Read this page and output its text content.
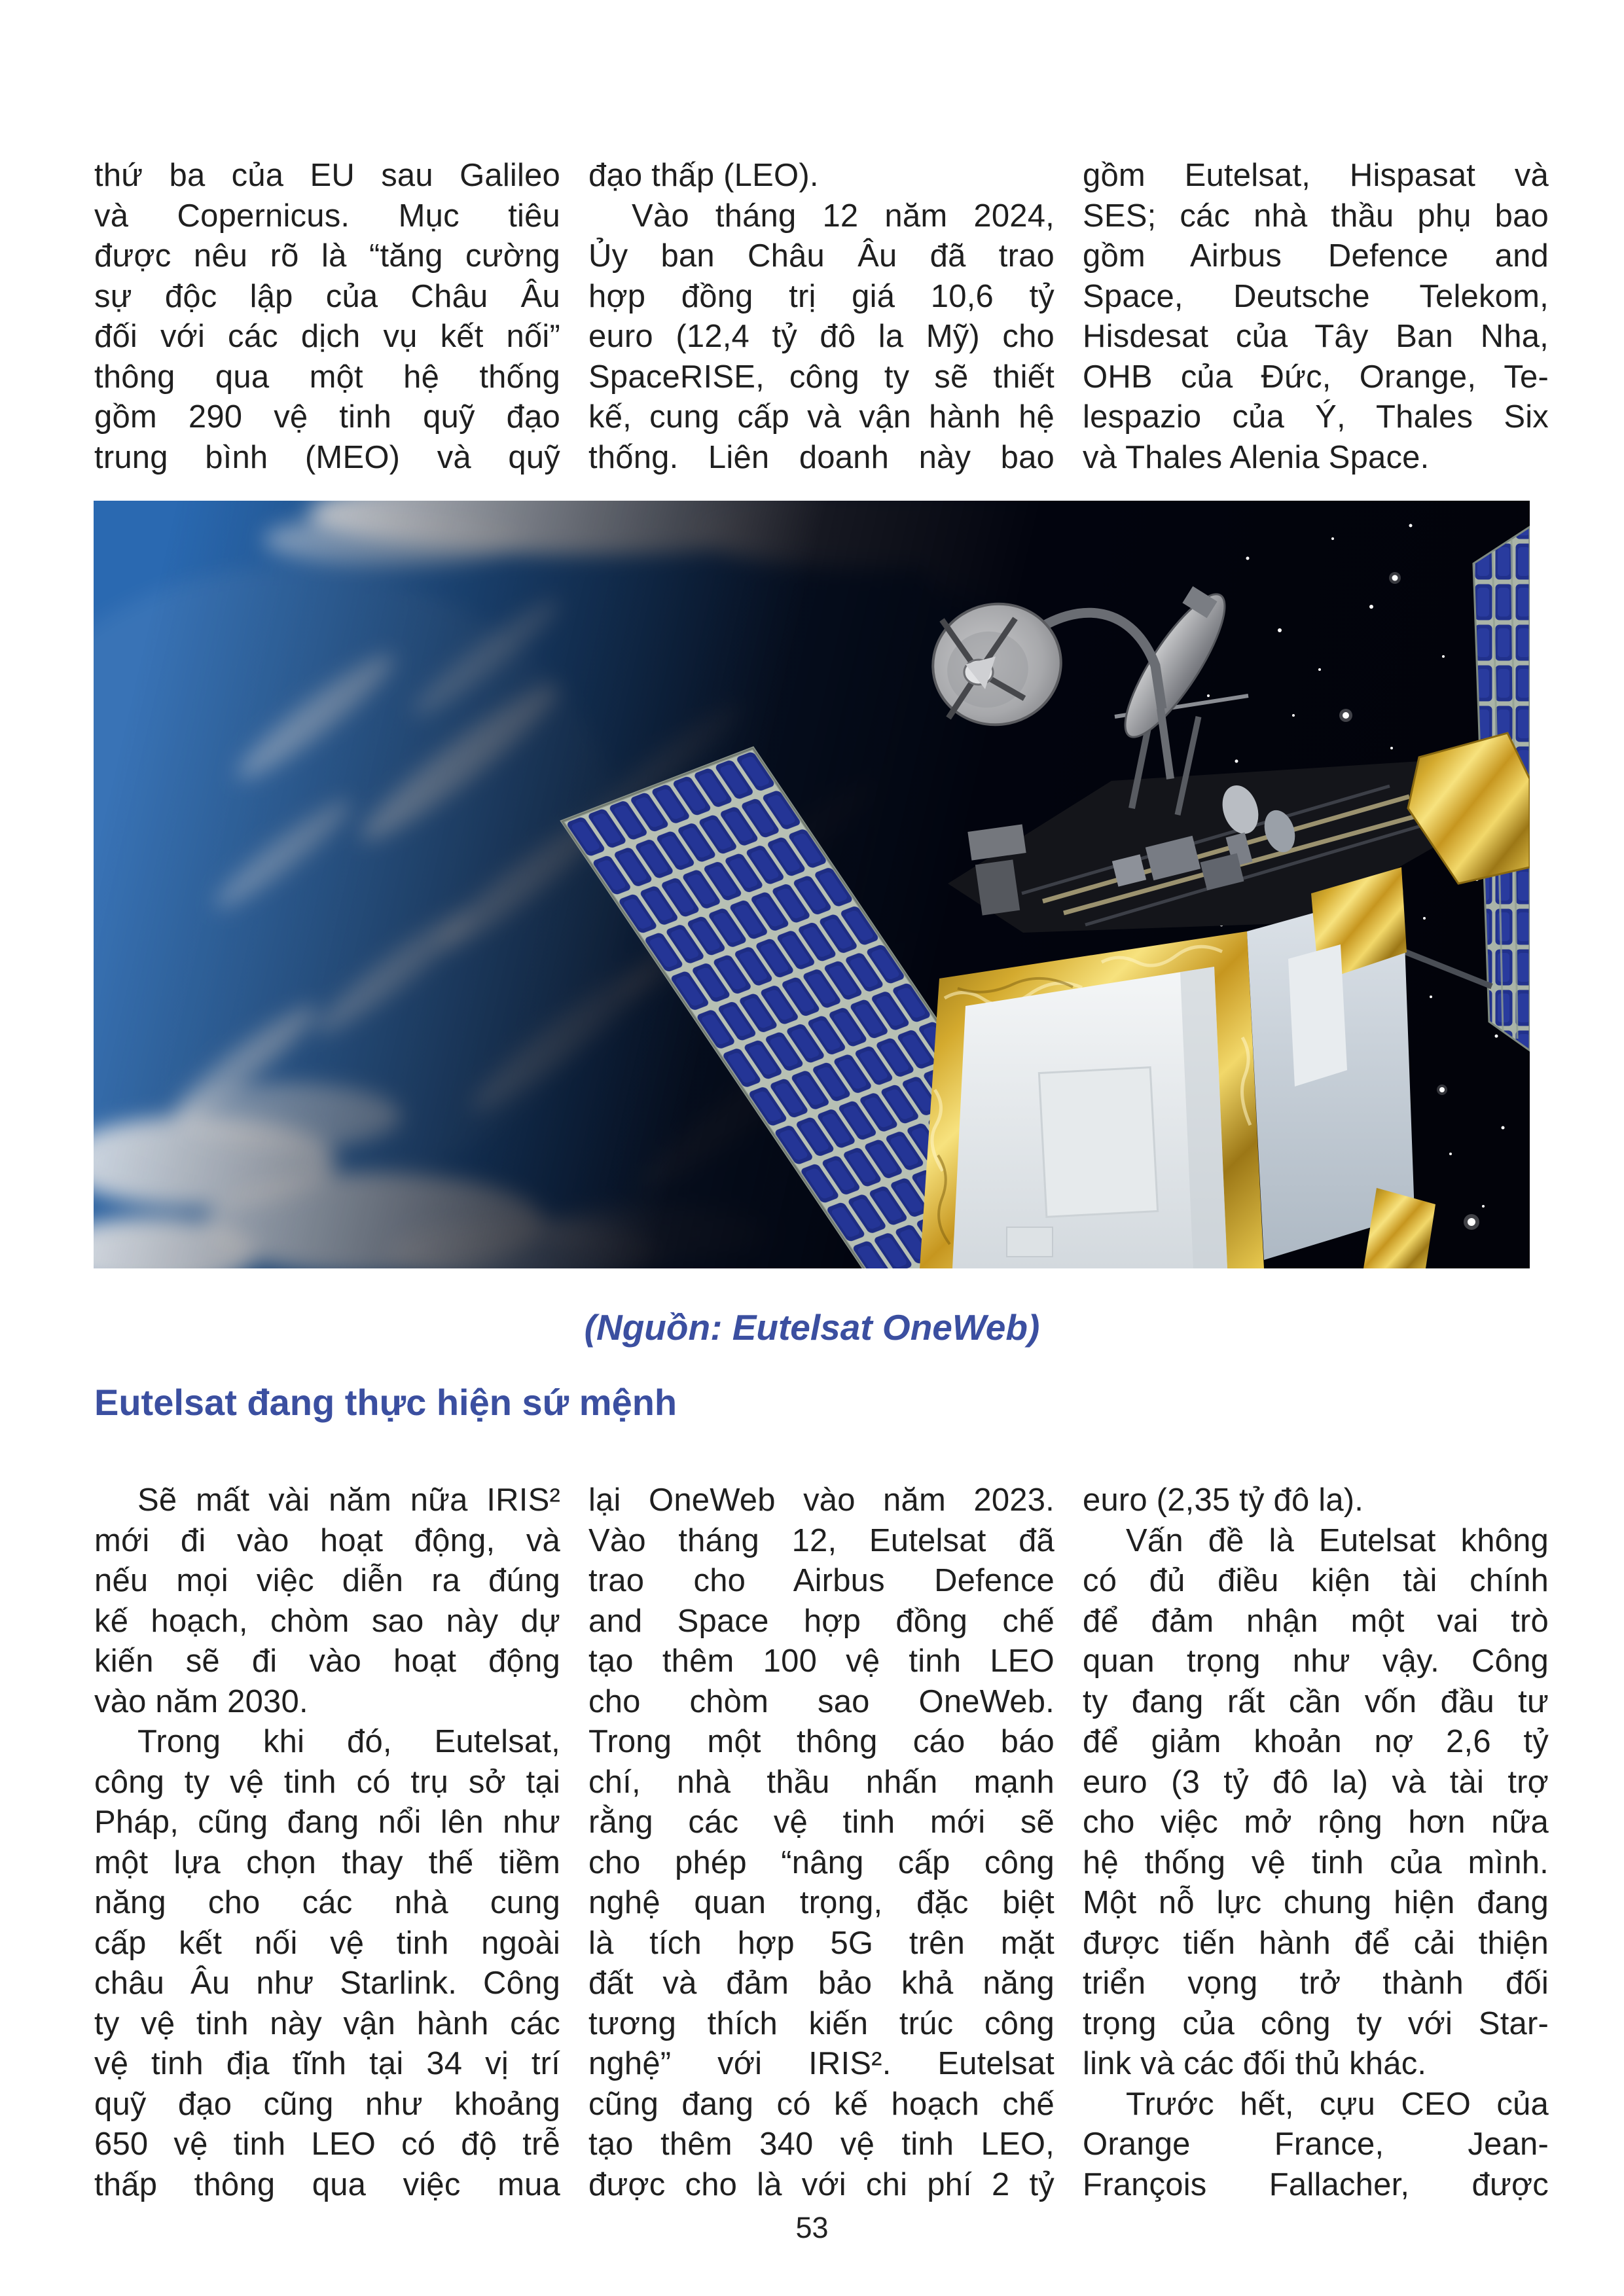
thứ ba của EU sau Galileo
và Copernicus. Mục tiêu
được nêu rõ là “tăng cường
sự độc lập của Châu Âu
đối với các dịch vụ kết nối”
thông qua một hệ thống
gồm 290 vệ tinh quỹ đạo
trung bình (MEO) và quỹ
đạo thấp (LEO).
Vào tháng 12 năm 2024,
Ủy ban Châu Âu đã trao
hợp đồng trị giá 10,6 tỷ
euro (12,4 tỷ đô la Mỹ) cho
SpaceRISE, công ty sẽ thiết
kế, cung cấp và vận hành hệ
thống. Liên doanh này bao
gồm Eutelsat, Hispasat và
SES; các nhà thầu phụ bao
gồm Airbus Defence and
Space, Deutsche Telekom,
Hisdesat của Tây Ban Nha,
OHB của Đức, Orange, Te-
lespazio của Ý, Thales Six
và Thales Alenia Space.
(Nguồn: Eutelsat OneWeb)
Eutelsat đang thực hiện sứ mệnh
Sẽ mất vài năm nữa IRIS²
mới đi vào hoạt động, và
nếu mọi việc diễn ra đúng
kế hoạch, chòm sao này dự
kiến sẽ đi vào hoạt động
vào năm 2030.
Trong khi đó, Eutelsat,
công ty vệ tinh có trụ sở tại
Pháp, cũng đang nổi lên như
một lựa chọn thay thế tiềm
năng cho các nhà cung
cấp kết nối vệ tinh ngoài
châu Âu như Starlink. Công
ty vệ tinh này vận hành các
vệ tinh địa tĩnh tại 34 vị trí
quỹ đạo cũng như khoảng
650 vệ tinh LEO có độ trễ
thấp thông qua việc mua
lại OneWeb vào năm 2023.
Vào tháng 12, Eutelsat đã
trao cho Airbus Defence
and Space hợp đồng chế
tạo thêm 100 vệ tinh LEO
cho chòm sao OneWeb.
Trong một thông cáo báo
chí, nhà thầu nhấn mạnh
rằng các vệ tinh mới sẽ
cho phép “nâng cấp công
nghệ quan trọng, đặc biệt
là tích hợp 5G trên mặt
đất và đảm bảo khả năng
tương thích kiến trúc công
nghệ” với IRIS². Eutelsat
cũng đang có kế hoạch chế
tạo thêm 340 vệ tinh LEO,
được cho là với chi phí 2 tỷ
euro (2,35 tỷ đô la).
Vấn đề là Eutelsat không
có đủ điều kiện tài chính
để đảm nhận một vai trò
quan trọng như vậy. Công
ty đang rất cần vốn đầu tư
để giảm khoản nợ 2,6 tỷ
euro (3 tỷ đô la) và tài trợ
cho việc mở rộng hơn nữa
hệ thống vệ tinh của mình.
Một nỗ lực chung hiện đang
được tiến hành để cải thiện
triển vọng trở thành đối
trọng của công ty với Star-
link và các đối thủ khác.
Trước hết, cựu CEO của
Orange France, Jean-
François Fallacher, được
53
